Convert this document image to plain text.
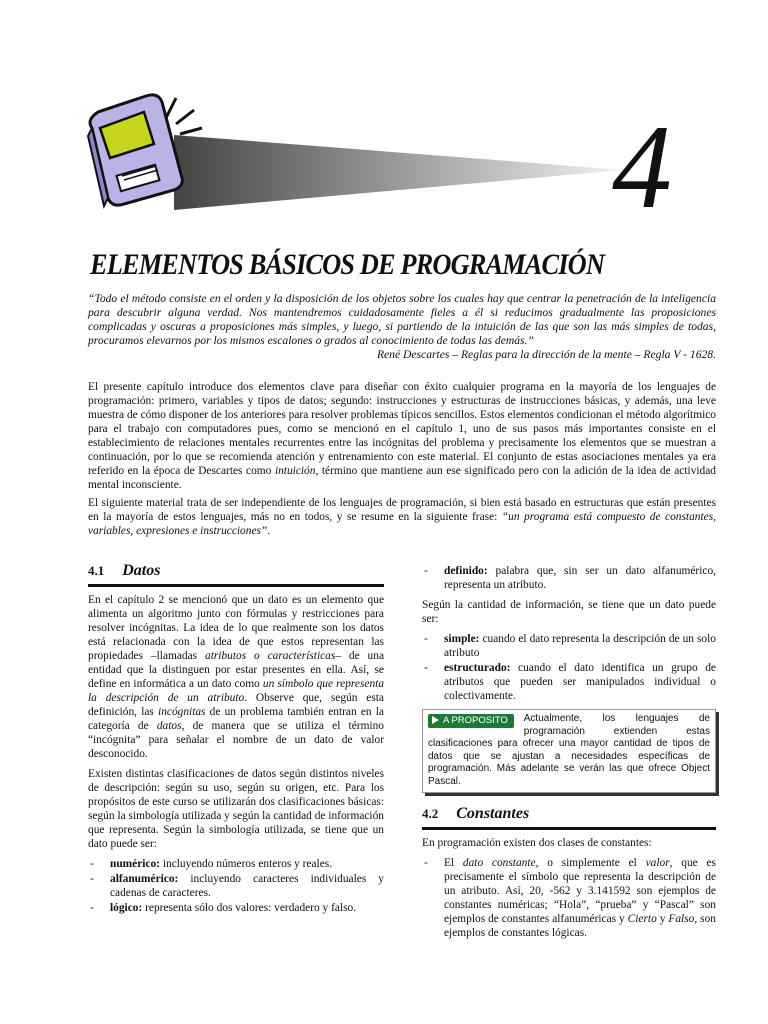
4
ELEMENTOS BÁSICOS DE PROGRAMACIÓN
“Todo el método consiste en el orden y la disposición de los objetos sobre los cuales hay que centrar la penetración de la inteligencia para descubrir alguna verdad. Nos mantendremos cuidadosamente fieles a él si reducimos gradualmente las proposiciones complicadas y oscuras a proposiciones más simples, y luego, si partiendo de la intuición de las que son las más simples de todas, procuramos elevarnos por los mismos escalones o grados al conocimiento de todas las demás.”
René Descartes – Reglas para la dirección de la mente – Regla V - 1628.

El presente capítulo introduce dos elementos clave para diseñar con éxito cualquier programa en la mayoría de los lenguajes de programación: primero, variables y tipos de datos; segundo: instrucciones y estructuras de instrucciones básicas, y además, una leve muestra de cómo disponer de los anteriores para resolver problemas típicos sencillos. Estos elementos condicionan el método algorítmico para el trabajo con computadores pues, como se mencionó en el capítulo 1, uno de sus pasos más importantes consiste en el establecimiento de relaciones mentales recurrentes entre las incógnitas del problema y precisamente los elementos que se muestran a continuación, por lo que se recomienda atención y entrenamiento con este material. El conjunto de estas asociaciones mentales ya era referido en la época de Descartes como intuición, término que mantiene aun ese significado pero con la adición de la idea de actividad mental inconsciente.

El siguiente material trata de ser independiente de los lenguajes de programación, si bien está basado en estructuras que están presentes en la mayoría de estos lenguajes, más no en todos, y se resume en la siguiente frase: “un programa está compuesto de constantes, variables, expresiones e instrucciones”.

4.1 Datos

En el capítulo 2 se mencionó que un dato es un elemento que alimenta un algoritmo junto con fórmulas y restricciones para resolver incógnitas. La idea de lo que realmente son los datos está relacionada con la idea de que estos representan las propiedades –llamadas atributos o características– de una entidad que la distinguen por estar presentes en ella. Así, se define en informática a un dato como un símbolo que representa la descripción de un atributo. Observe que, según esta definición, las incógnitas de un problema también entran en la categoría de datos, de manera que se utiliza el término “incógnita” para señalar el nombre de un dato de valor desconocido.

Existen distintas clasificaciones de datos según distintos niveles de descripción: según su uso, según su origen, etc. Para los propósitos de este curso se utilizarán dos clasificaciones básicas: según la simbología utilizada y según la cantidad de información que representa. Según la simbología utilizada, se tiene que un dato puede ser:

- numérico: incluyendo números enteros y reales.
- alfanumérico: incluyendo caracteres individuales y cadenas de caracteres.
- lógico: representa sólo dos valores: verdadero y falso.
- definido: palabra que, sin ser un dato alfanumérico, representa un atributo.

Según la cantidad de información, se tiene que un dato puede ser:

- simple: cuando el dato representa la descripción de un solo atributo
- estructurado: cuando el dato identifica un grupo de atributos que pueden ser manipulados individual o colectivamente.
A PROPOSITO	Actualmente, los lenguajes de programación extienden estas clasificaciones para ofrecer una mayor cantidad de tipos de datos que se ajustan a necesidades específicas de programación. Más adelante se verán las que ofrece Object Pascal.
4.2 Constantes

En programación existen dos clases de constantes:

- El dato constante, o simplemente el valor, que es precisamente el símbolo que representa la descripción de un atributo. Así, 20, -562 y 3.141592 son ejemplos de constantes numéricas; “Hola”, “prueba” y “Pascal” son ejemplos de constantes alfanuméricas y Cierto y Falso, son ejemplos de constantes lógicas.
